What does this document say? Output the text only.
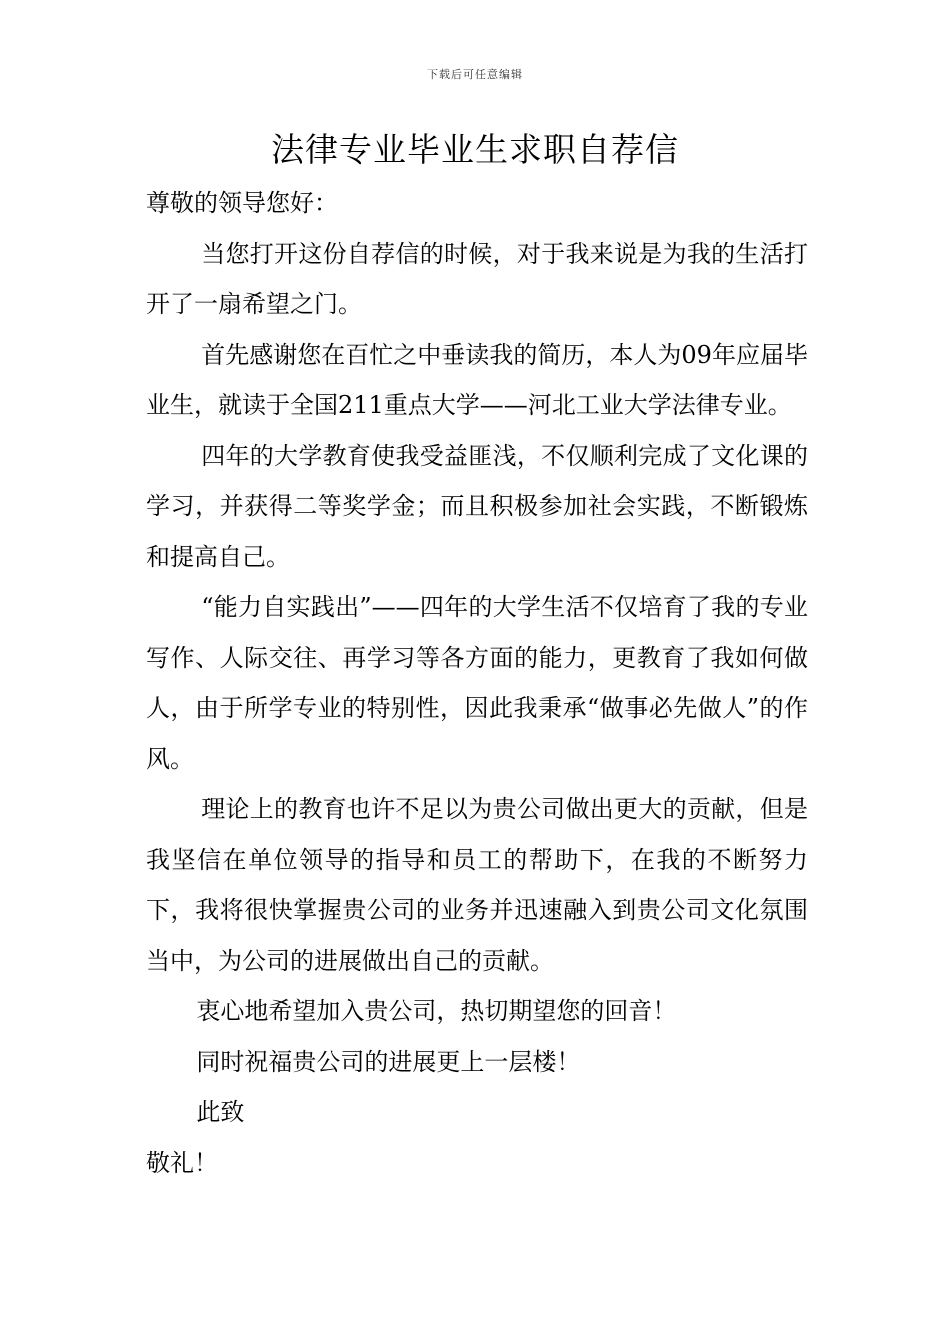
下载后可任意编辑
法律专业毕业生求职自荐信

尊敬的领导您好：

当您打开这份自荐信的时候，对于我来说是为我的生活打开了一扇希望之门。

首先感谢您在百忙之中垂读我的简历，本人为09年应届毕业生，就读于全国211重点大学——河北工业大学法律专业。

四年的大学教育使我受益匪浅，不仅顺利完成了文化课的学习，并获得二等奖学金；而且积极参加社会实践，不断锻炼和提高自己。

“能力自实践出”——四年的大学生活不仅培育了我的专业写作、人际交往、再学习等各方面的能力，更教育了我如何做人，由于所学专业的特别性，因此我秉承“做事必先做人”的作风。

理论上的教育也许不足以为贵公司做出更大的贡献，但是我坚信在单位领导的指导和员工的帮助下，在我的不断努力下，我将很快掌握贵公司的业务并迅速融入到贵公司文化氛围当中，为公司的进展做出自己的贡献。

衷心地希望加入贵公司，热切期望您的回音！

同时祝福贵公司的进展更上一层楼！

此致

敬礼！
